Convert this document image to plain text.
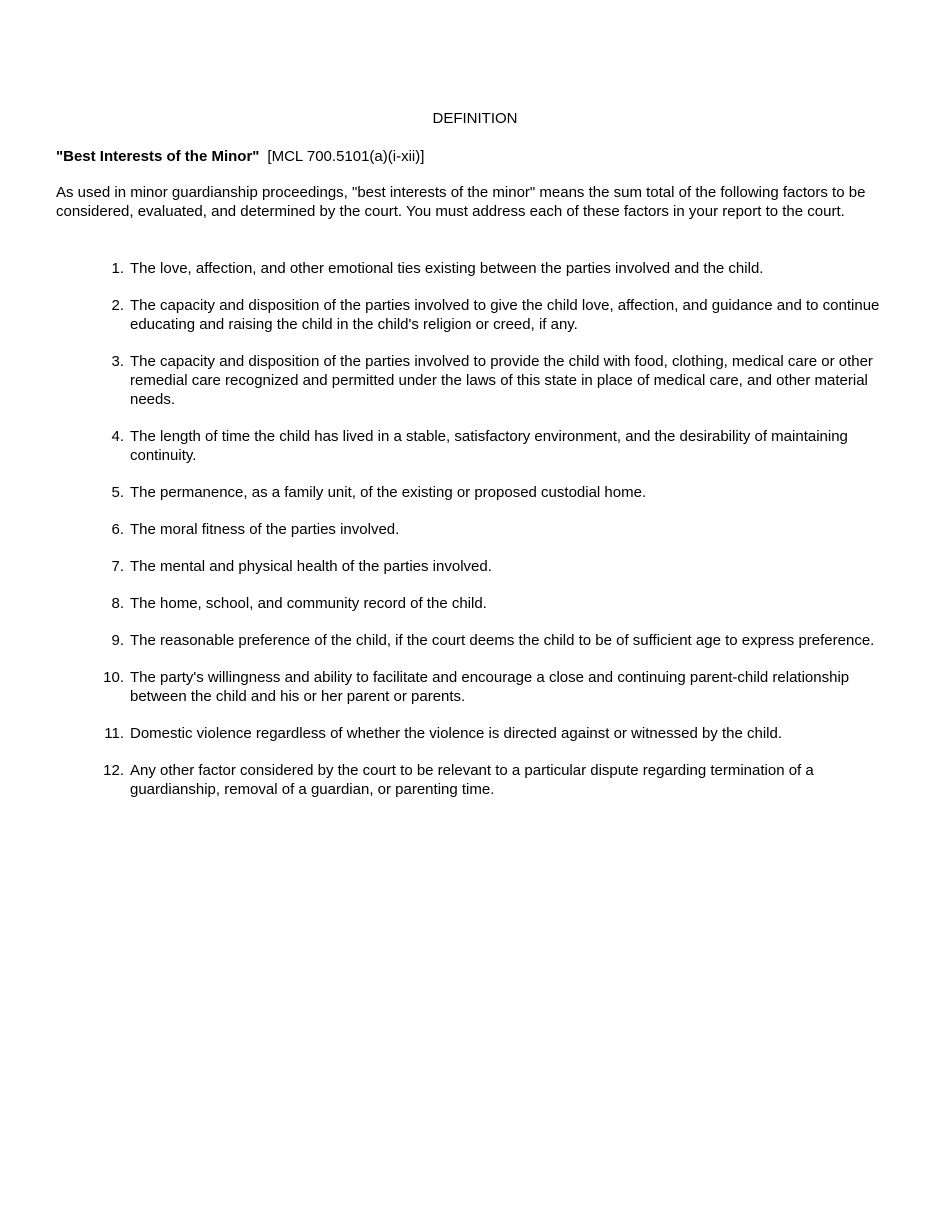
DEFINITION
"Best Interests of the Minor" [MCL 700.5101(a)(i-xii)]

As used in minor guardianship proceedings, "best interests of the minor" means the sum total of the following factors to be considered, evaluated, and determined by the court. You must address each of these factors in your report to the court.

1. The love, affection, and other emotional ties existing between the parties involved and the child.
2. The capacity and disposition of the parties involved to give the child love, affection, and guidance and to continue educating and raising the child in the child's religion or creed, if any.
3. The capacity and disposition of the parties involved to provide the child with food, clothing, medical care or other remedial care recognized and permitted under the laws of this state in place of medical care, and other material needs.
4. The length of time the child has lived in a stable, satisfactory environment, and the desirability of maintaining continuity.
5. The permanence, as a family unit, of the existing or proposed custodial home.
6. The moral fitness of the parties involved.
7. The mental and physical health of the parties involved.
8. The home, school, and community record of the child.
9. The reasonable preference of the child, if the court deems the child to be of sufficient age to express preference.
10. The party's willingness and ability to facilitate and encourage a close and continuing parent-child relationship between the child and his or her parent or parents.
11. Domestic violence regardless of whether the violence is directed against or witnessed by the child.
12. Any other factor considered by the court to be relevant to a particular dispute regarding termination of a guardianship, removal of a guardian, or parenting time.
